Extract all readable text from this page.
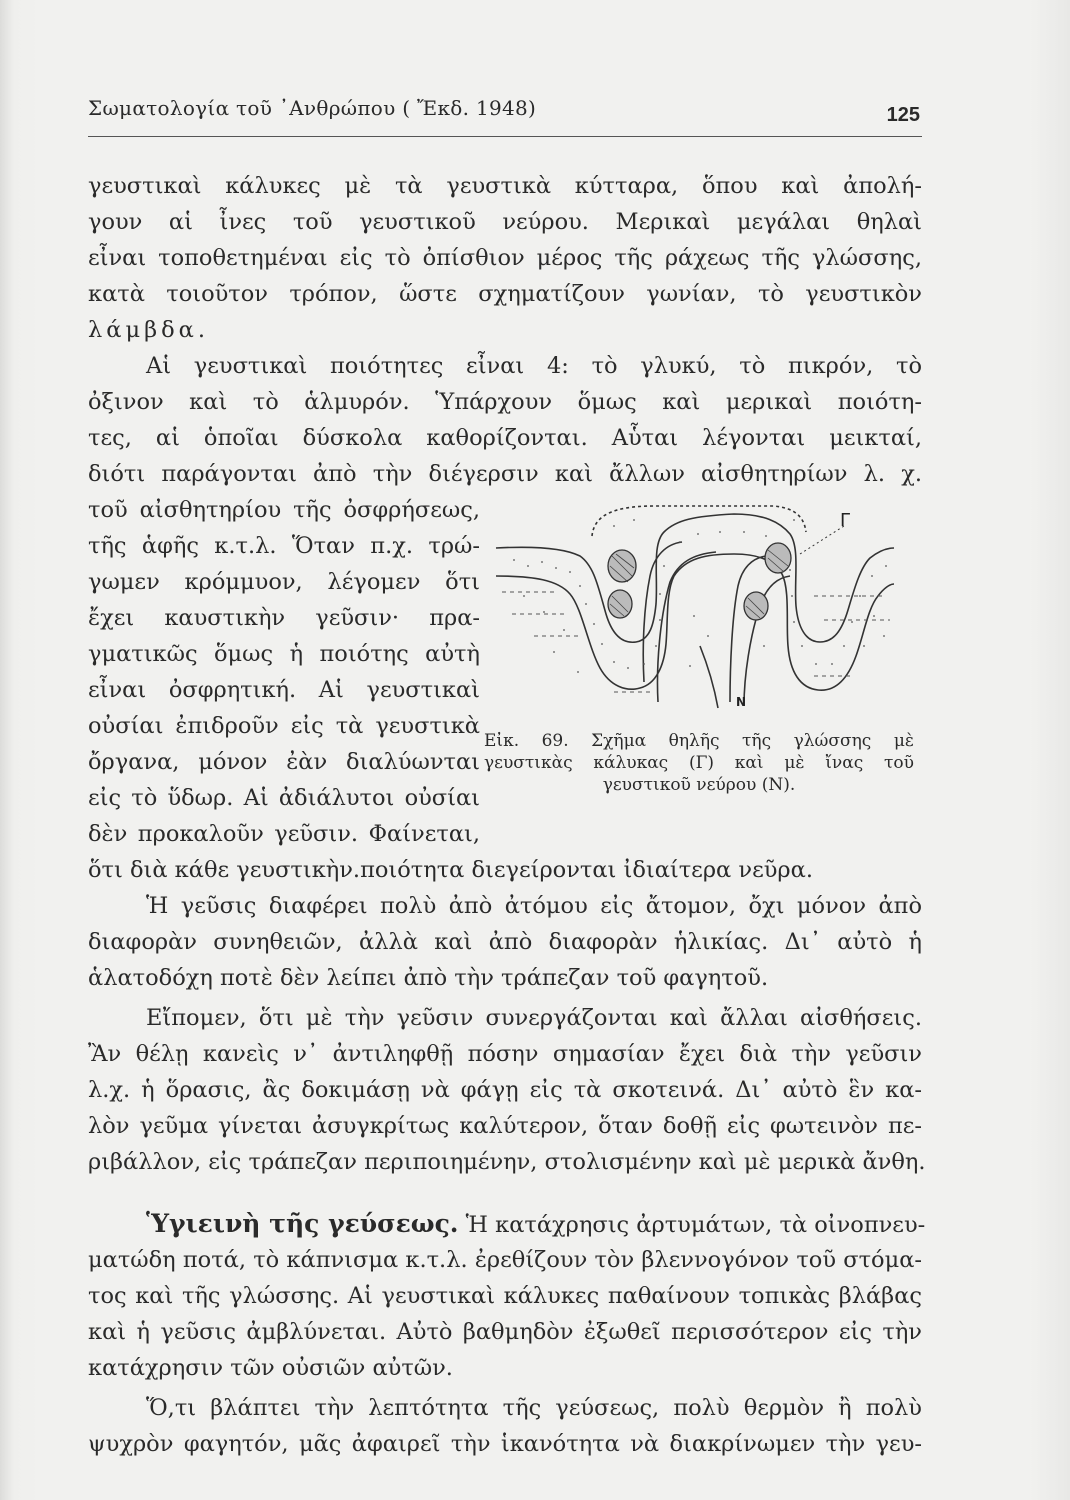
Σωματολογία τοῦ ᾽Ανθρώπου ( Ἔκδ. 1948)	125
γευστικαὶ κάλυκες μὲ τὰ γευστικὰ κύτταρα, ὅπου καὶ ἀπολή-
γουν αἱ ἶνες τοῦ γευστικοῦ νεύρου. Μερικαὶ μεγάλαι θηλαὶ
εἶναι τοποθετημέναι εἰς τὸ ὀπίσθιον μέρος τῆς ράχεως τῆς γλώσσης,
κατὰ τοιοῦτον τρόπον, ὥστε σχηματίζουν γωνίαν, τὸ γευστικὸν
λάμβδα.
Αἱ γευστικαὶ ποιότητες εἶναι 4: τὸ γλυκύ, τὸ πικρόν, τὸ
ὀξινον καὶ τὸ ἁλμυρόν. Ὑπάρχουν ὅμως καὶ μερικαὶ ποιότη-
τες, αἱ ὁποῖαι δύσκολα καθορίζονται. Αὗται λέγονται μεικταί,
διότι παράγονται ἀπὸ τὴν διέγερσιν καὶ ἄλλων αἰσθητηρίων λ. χ.
τοῦ αἰσθητηρίου τῆς ὀσφρήσεως,
τῆς ἁφῆς κ.τ.λ. Ὅταν π.χ. τρώ-
γωμεν κρόμμυον, λέγομεν ὅτι
ἔχει καυστικὴν γεῦσιν· πρα-
γματικῶς ὅμως ἡ ποιότης αὐτὴ
εἶναι ὀσφρητική. Αἱ γευστικαὶ
οὐσίαι ἐπιδροῦν εἰς τὰ γευστικὰ
ὄργανα, μόνον ἐὰν διαλύωνται
εἰς τὸ ὕδωρ. Αἱ ἀδιάλυτοι οὐσίαι
δὲν προκαλοῦν γεῦσιν. Φαίνεται,
ὅτι διὰ κάθε γευστικὴν.ποιότητα διεγείρονται ἰδιαίτερα νεῦρα.
Γ
N
Εἰκ. 69. Σχῆμα θηλῆς τῆς γλώσσης μὲ
γευστικὰς κάλυκας (Γ) καὶ μὲ ἴνας τοῦ
γευστικοῦ νεύρου (Ν).
Ἡ γεῦσις διαφέρει πολὺ ἀπὸ ἀτόμου εἰς ἄτομον, ὄχι μόνον ἀπὸ
διαφορὰν συνηθειῶν, ἀλλὰ καὶ ἀπὸ διαφορὰν ἡλικίας. Δι᾽ αὐτὸ ἡ
ἁλατοδόχη ποτὲ δὲν λείπει ἀπὸ τὴν τράπεζαν τοῦ φαγητοῦ.
Εἴπομεν, ὅτι μὲ τὴν γεῦσιν συνεργάζονται καὶ ἄλλαι αἰσθήσεις.
Ἂν θέλῃ κανεὶς ν᾽ ἀντιληφθῇ πόσην σημασίαν ἔχει διὰ τὴν γεῦσιν
λ.χ. ἡ ὅρασις, ἂς δοκιμάσῃ νὰ φάγῃ εἰς τὰ σκοτεινά. Δι᾽ αὐτὸ ἓν κα-
λὸν γεῦμα γίνεται ἀσυγκρίτως καλύτερον, ὅταν δοθῇ εἰς φωτεινὸν πε-
ριβάλλον, εἰς τράπεζαν περιποιημένην, στολισμένην καὶ μὲ μερικὰ ἄνθη.
Ὑγιεινὴ τῆς γεύσεως. Ἡ κατάχρησις ἀρτυμάτων, τὰ οἰνοπνευ-
ματώδη ποτά, τὸ κάπνισμα κ.τ.λ. ἐρεθίζουν τὸν βλεννογόνον τοῦ στόμα-
τος καὶ τῆς γλώσσης. Αἱ γευστικαὶ κάλυκες παθαίνουν τοπικὰς βλάβας
καὶ ἡ γεῦσις ἀμβλύνεται. Αὐτὸ βαθμηδὸν ἐξωθεῖ περισσότερον εἰς τὴν
κατάχρησιν τῶν οὐσιῶν αὐτῶν.
Ὅ,τι βλάπτει τὴν λεπτότητα τῆς γεύσεως, πολὺ θερμὸν ἢ πολὺ
ψυχρὸν φαγητόν, μᾶς ἀφαιρεῖ τὴν ἱκανότητα νὰ διακρίνωμεν τὴν γευ-
